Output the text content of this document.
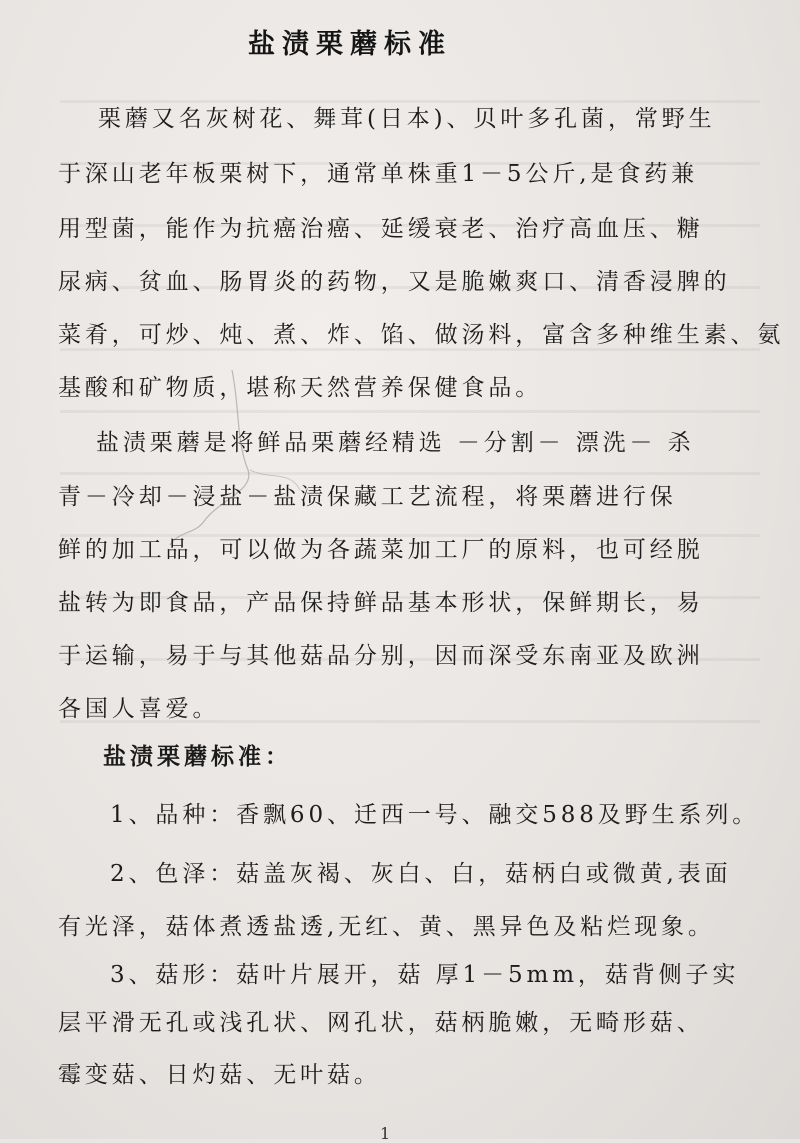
盐渍栗蘑标准
栗蘑又名灰树花、舞茸(日本)、贝叶多孔菌，常野生
于深山老年板栗树下，通常单株重1－5公斤,是食药兼
用型菌，能作为抗癌治癌、延缓衰老、治疗高血压、糖
尿病、贫血、肠胃炎的药物，又是脆嫩爽口、清香浸脾的
菜肴，可炒、炖、煮、炸、馅、做汤料，富含多种维生素、氨
基酸和矿物质，堪称天然营养保健食品。
盐渍栗蘑是将鲜品栗蘑经精选 －分割－ 漂洗－ 杀
青－冷却－浸盐－盐渍保藏工艺流程，将栗蘑进行保
鲜的加工品，可以做为各蔬菜加工厂的原料，也可经脱
盐转为即食品，产品保持鲜品基本形状，保鲜期长，易
于运输，易于与其他菇品分别，因而深受东南亚及欧洲
各国人喜爱。
盐渍栗蘑标准：
1、品种：香飘60、迁西一号、融交588及野生系列。
2、色泽：菇盖灰褐、灰白、白，菇柄白或微黄,表面
有光泽，菇体煮透盐透,无红、黄、黑异色及粘烂现象。
3、菇形：菇叶片展开，菇 厚1－5mm，菇背侧子实
层平滑无孔或浅孔状、网孔状，菇柄脆嫩，无畸形菇、
霉变菇、日灼菇、无叶菇。
1
